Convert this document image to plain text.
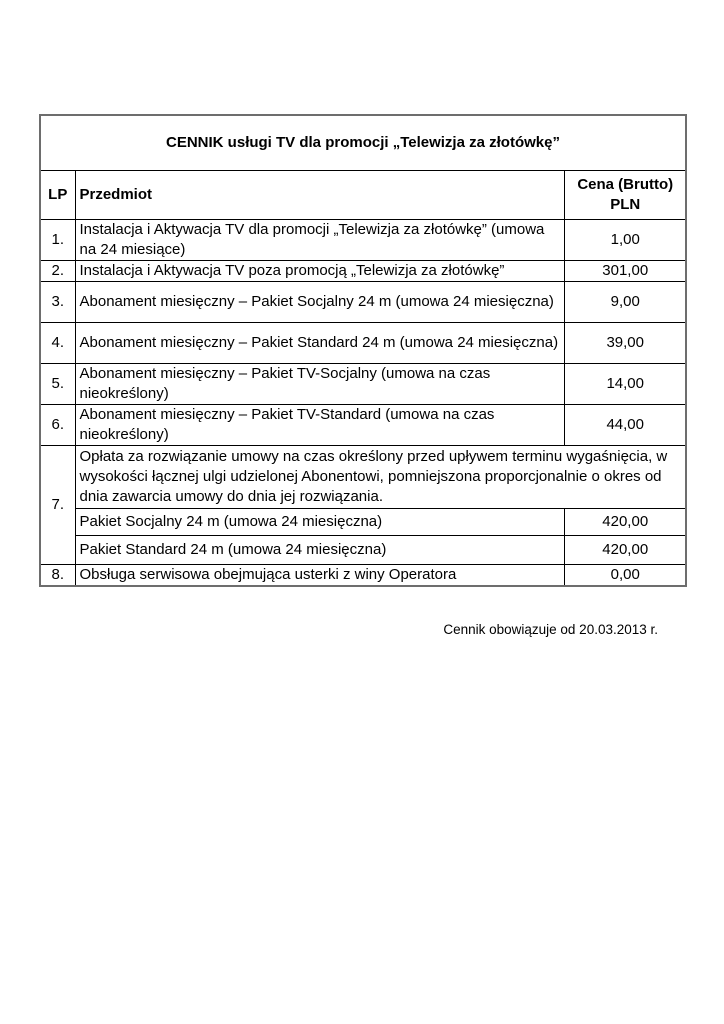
CENNIK usługi TV dla promocji „Telewizja za złotówkę”		
LP	Przedmiot	Cena (Brutto)
PLN

1.	Instalacja i Aktywacja TV dla promocji „Telewizja za złotówkę” (umowa na 24 miesiące)	1,00
2.	Instalacja i Aktywacja TV poza promocją „Telewizja za złotówkę”	301,00
3.	Abonament miesięczny – Pakiet Socjalny 24 m (umowa 24 miesięczna)	9,00
4.	Abonament miesięczny – Pakiet Standard 24 m (umowa 24 miesięczna)	39,00
5.	Abonament miesięczny – Pakiet TV-Socjalny (umowa na czas nieokreślony)	14,00
6.	Abonament miesięczny – Pakiet TV-Standard (umowa na czas nieokreślony)	44,00
7.	Opłata za rozwiązanie umowy na czas określony przed upływem terminu wygaśnięcia, w wysokości łącznej ulgi udzielonej Abonentowi, pomniejszona proporcjonalnie o okres od dnia zawarcia umowy do dnia jej rozwiązania.	
	Pakiet Socjalny 24 m (umowa 24 miesięczna)	420,00
	Pakiet Standard 24 m (umowa 24 miesięczna)	420,00
8.	Obsługa serwisowa obejmująca usterki z winy Operatora	0,00
Cennik obowiązuje od 20.03.2013 r.
